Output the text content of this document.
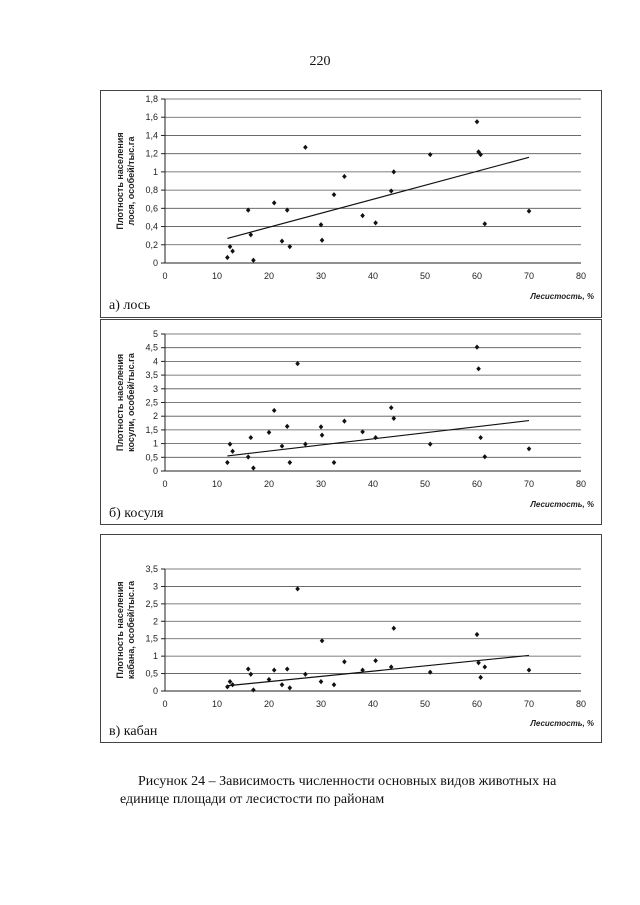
220
0
0,2
0,4
0,6
0,8
1
1,2
1,4
1,6
1,8
0	10	20	30	40	50	60	70	80
Плотность населения лося, особей/тыс.га
Лесистость, %
а) лось
0
0,5
1
1,5
2
2,5
3
3,5
4
4,5
5
0	10	20	30	40	50	60	70	80
Плотность населения косули, особей/тыс.га
Лесистость, %
б) косуля
0
0,5
1
1,5
2
2,5
3
3,5
0	10	20	30	40	50	60	70	80
Плотность населения кабана, особей/тыс.га
Лесистость, %
в) кабан
Рисунок 24 – Зависимость численности основных видов животных на единице площади от лесистости по районам
